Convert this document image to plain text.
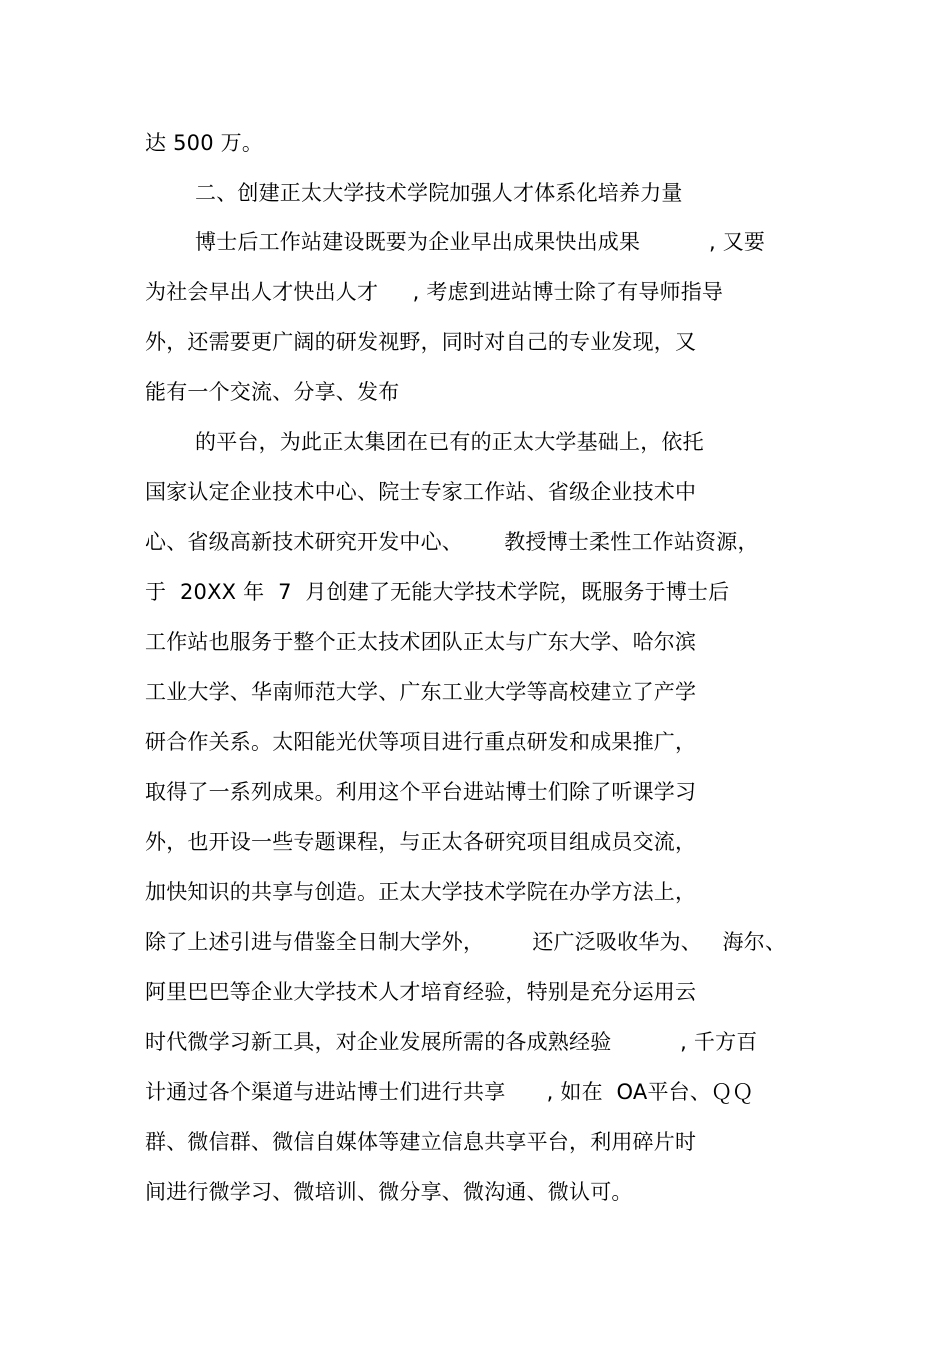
达 500 万。
二、创建正太大学技术学院加强人才体系化培养力量
博士后工作站建设既要为企业早出成果快出成果          , 又要
为社会早出人才快出人才     , 考虑到进站博士除了有导师指导
外，还需要更广阔的研发视野，同时对自己的专业发现，又
能有一个交流、分享、发布
的平台，为此正太集团在已有的正太大学基础上，依托
国家认定企业技术中心、院士专家工作站、省级企业技术中
心、省级高新技术研究开发中心、      教授博士柔性工作站资源，
于  20XX 年  7  月创建了无能大学技术学院，既服务于博士后
工作站也服务于整个正太技术团队正太与广东大学、哈尔滨
工业大学、华南师范大学、广东工业大学等高校建立了产学
研合作关系。太阳能光伏等项目进行重点研发和成果推广，
取得了一系列成果。利用这个平台进站博士们除了听课学习
外，也开设一些专题课程，与正太各研究项目组成员交流，
加快知识的共享与创造。正太大学技术学院在办学方法上，
除了上述引进与借鉴全日制大学外，       还广泛吸收华为、   海尔、
阿里巴巴等企业大学技术人才培育经验，特别是充分运用云
时代微学习新工具，对企业发展所需的各成熟经验          , 千方百
计通过各个渠道与进站博士们进行共享      , 如在  OA平台、ＱＱ
群、微信群、微信自媒体等建立信息共享平台，利用碎片时
间进行微学习、微培训、微分享、微沟通、微认可。
